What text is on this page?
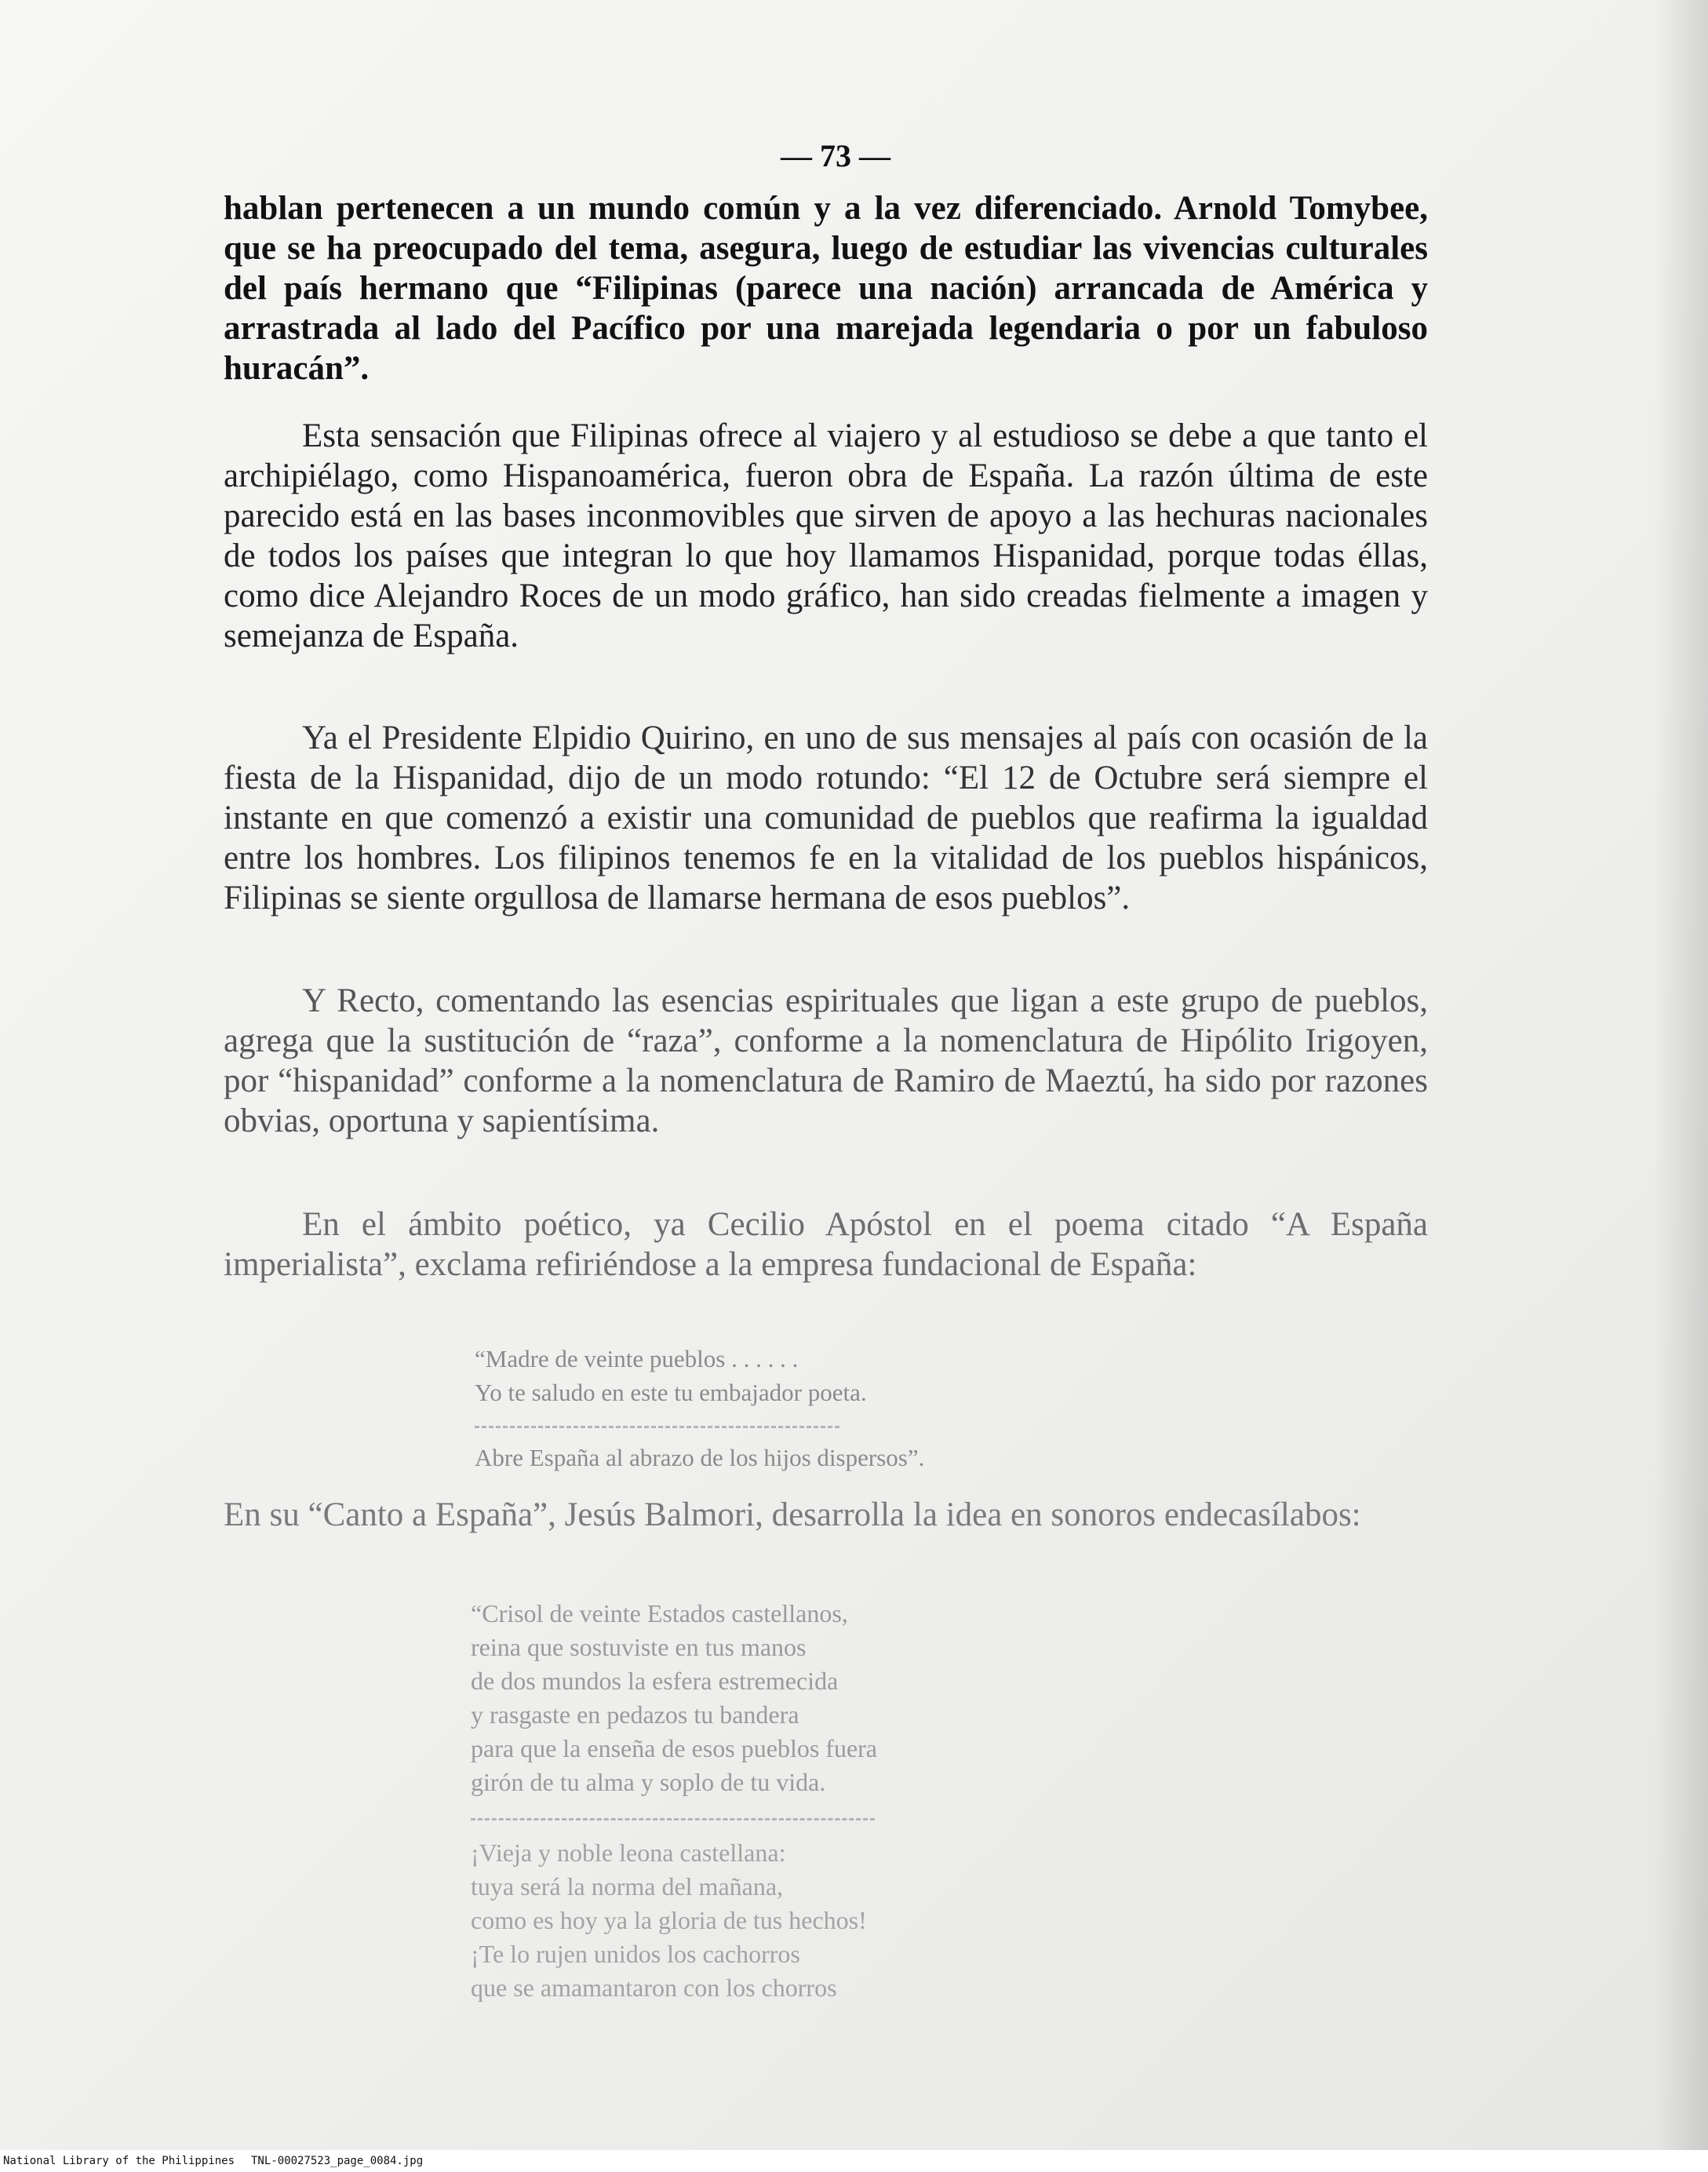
— 73 —

hablan pertenecen a un mundo común y a la vez diferenciado. Arnold Tomybee, que se ha preocupado del tema, asegura, luego de estudiar las vivencias culturales del país hermano que “Filipinas (parece una nación) arrancada de América y arrastrada al lado del Pacífico por una marejada legendaria o por un fabuloso huracán”.

Esta sensación que Filipinas ofrece al viajero y al estudioso se debe a que tanto el archipiélago, como Hispanoamérica, fueron obra de España. La razón última de este parecido está en las bases inconmovibles que sirven de apoyo a las hechuras nacionales de todos los países que integran lo que hoy llamamos Hispanidad, porque todas éllas, como dice Alejandro Roces de un modo gráfico, han sido creadas fielmente a imagen y semejanza de España.

Ya el Presidente Elpidio Quirino, en uno de sus mensajes al país con ocasión de la fiesta de la Hispanidad, dijo de un modo rotundo: “El 12 de Octubre será siempre el instante en que comenzó a existir una comunidad de pueblos que reafirma la igualdad entre los hombres. Los filipinos tenemos fe en la vitalidad de los pueblos hispánicos, Filipinas se siente orgullosa de llamarse hermana de esos pueblos”.

Y Recto, comentando las esencias espirituales que ligan a este grupo de pueblos, agrega que la sustitución de “raza”, conforme a la nomenclatura de Hipólito Irigoyen, por “hispanidad” conforme a la nomenclatura de Ramiro de Maeztú, ha sido por razones obvias, oportuna y sapientísima.

En el ámbito poético, ya Cecilio Apóstol en el poema citado “A España imperialista”, exclama refiriéndose a la empresa fundacional de España:

“Madre de veinte pueblos . . . . . .
Yo te saludo en este tu embajador poeta.
Abre España al abrazo de los hijos dispersos”.

En su “Canto a España”, Jesús Balmori, desarrolla la idea en sonoros endecasílabos:

“Crisol de veinte Estados castellanos,
reina que sostuviste en tus manos
de dos mundos la esfera estremecida
y rasgaste en pedazos tu bandera
para que la enseña de esos pueblos fuera
girón de tu alma y soplo de tu vida.
¡Vieja y noble leona castellana:
tuya será la norma del mañana,
como es hoy ya la gloria de tus hechos!
¡Te lo rujen unidos los cachorros
que se amamantaron con los chorros
National Library of the Philippines TNL-00027523_page_0084.jpg
